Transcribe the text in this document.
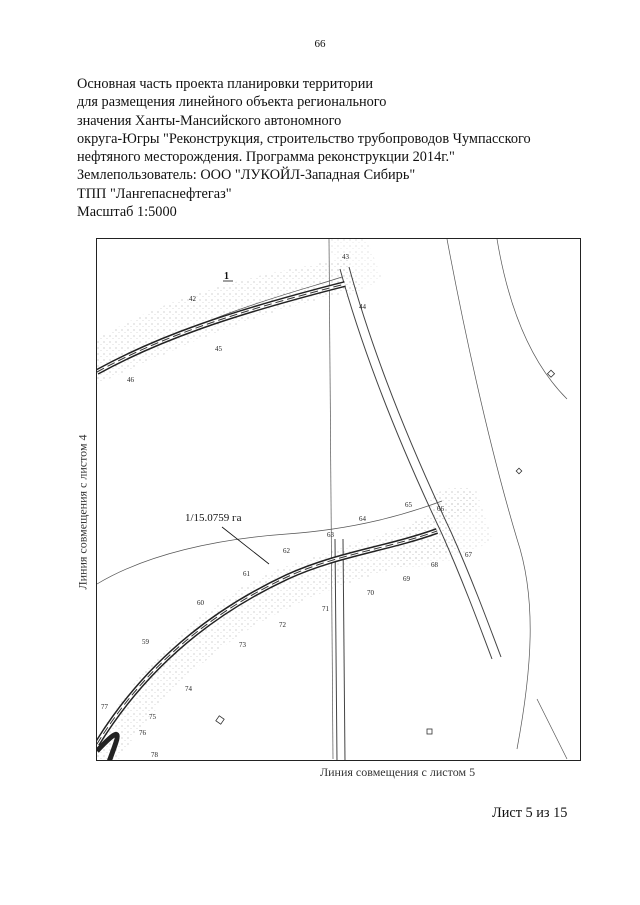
66
Основная часть проекта планировки территории
для размещения линейного объекта регионального
значения Ханты-Мансийского автономного
округа-Югры "Реконструкция, строительство трубопроводов Чумпасского
нефтяного месторождения. Программа реконструкции 2014г."
Землепользователь: ООО "ЛУКОЙЛ-Западная Сибирь"
ТПП "Лангепаснефтегаз"
Масштаб 1:5000
1
1/15.0759 га
42
43
44
45
46
59
60
61
62
63
64
65	66
67
68
69
70
71
72
73
74
75
76
77
78
Линия совмещения с листом 4
Линия совмещения с листом 5
Лист 5 из 15
